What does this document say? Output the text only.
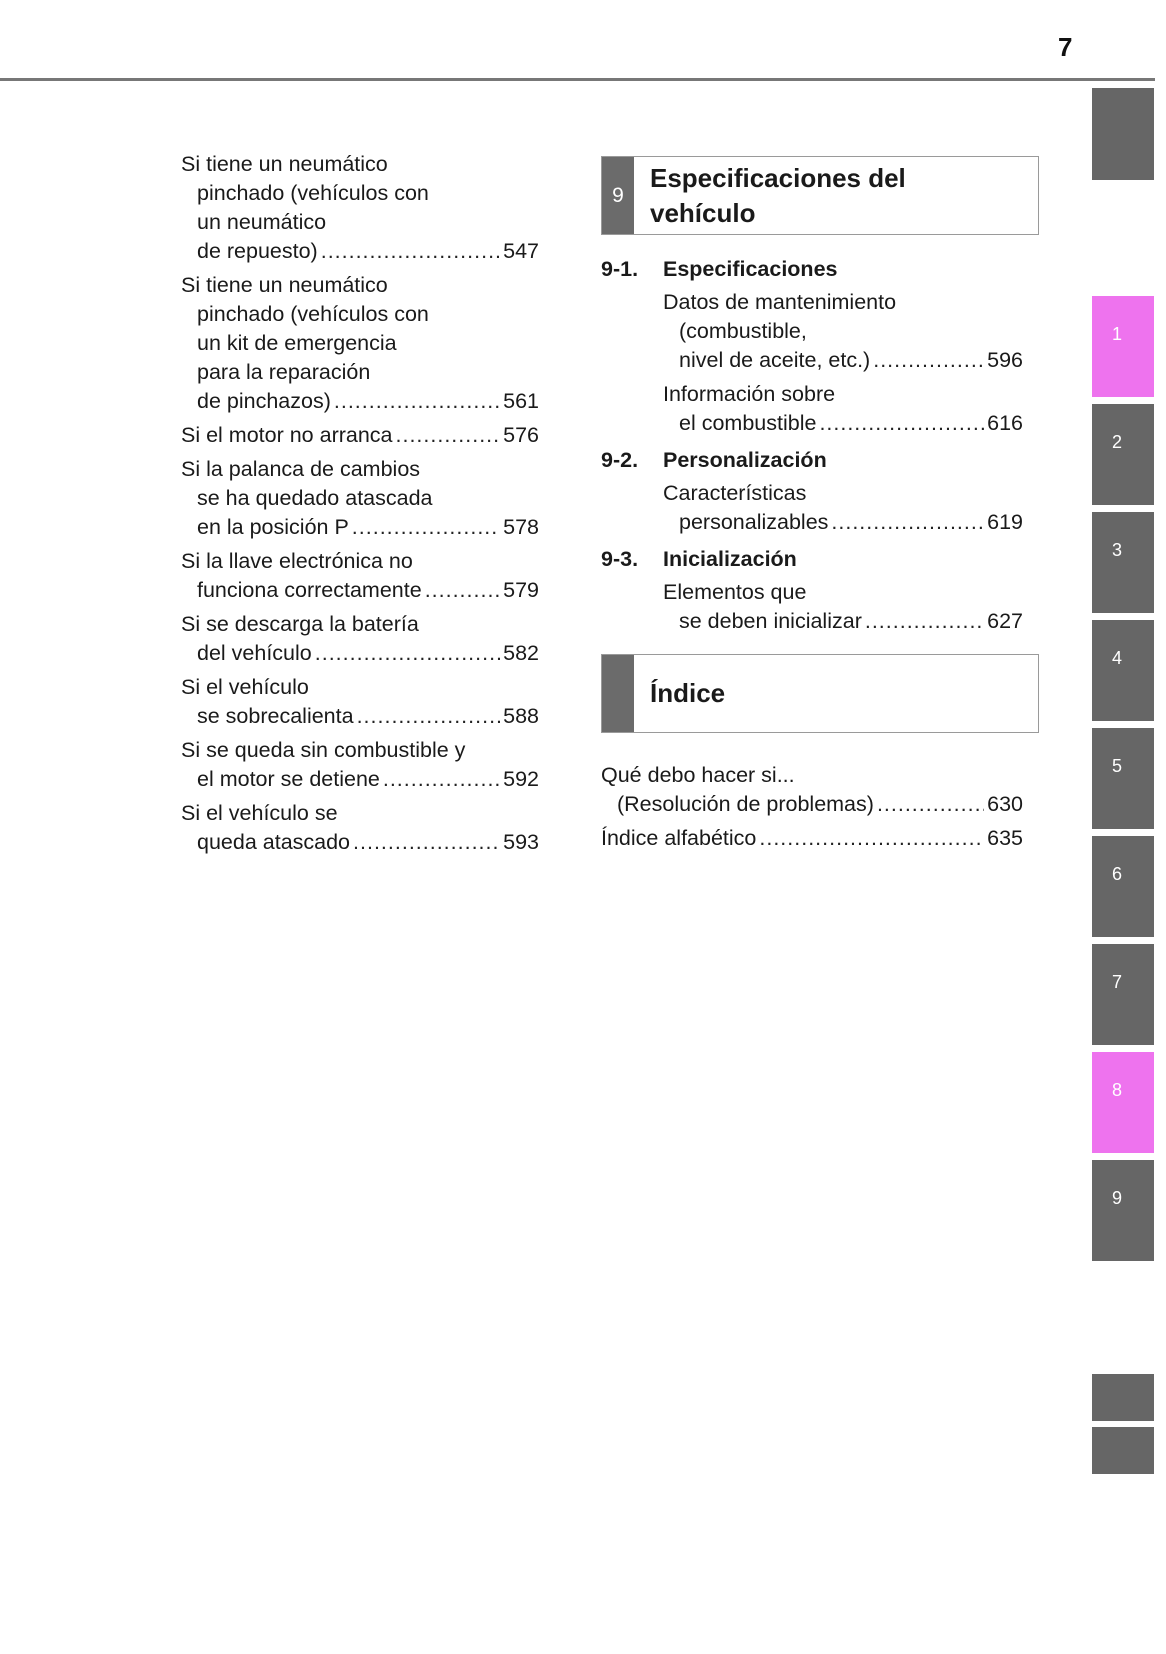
7
Si tiene un neumático
pinchado (vehículos con
un neumático
de repuesto) .....	547
Si tiene un neumático
pinchado (vehículos con
un kit de emergencia
para la reparación
de pinchazos) .....	561
Si el motor no arranca .....	576
Si la palanca de cambios
se ha quedado atascada
en la posición P .....	578
Si la llave electrónica no
funciona correctamente .....	579
Si se descarga la batería
del vehículo .....	582
Si el vehículo
se sobrecalienta .....	588
Si se queda sin combustible y
el motor se detiene .....	592
Si el vehículo se
queda atascado .....	593
9
Especificaciones del
vehículo
9-1.	Especificaciones
Datos de mantenimiento
(combustible,
nivel de aceite, etc.) .....	596
Información sobre
el combustible .....	616
9-2.	Personalización
Características
personalizables .....	619
9-3.	Inicialización
Elementos que
se deben inicializar .....	627
Índice
Qué debo hacer si...
(Resolución de problemas) .....	630
Índice alfabético .....	635
1
2
3
4
5
6
7
8
9
